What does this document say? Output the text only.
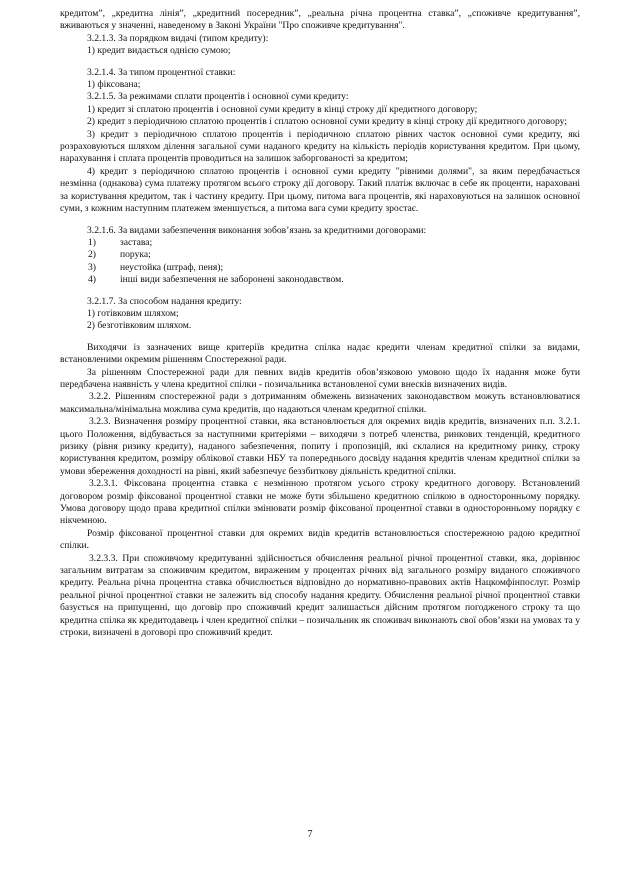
кредитом”, „кредитна лінія”, „кредитний посередник”, „реальна річна процентна ставка”, „споживче кредитування”, вживаються у значенні, наведеному в Законі України "Про споживче кредитування".

3.2.1.3. За порядком видачі (типом кредиту):

1) кредит видається однією сумою;

3.2.1.4. За типом процентної ставки:

1) фіксована;

3.2.1.5. За режимами сплати процентів і основної суми кредиту:

1) кредит зі сплатою процентів і основної суми кредиту в кінці строку дії кредитного договору;

2) кредит з періодичною сплатою процентів і сплатою основної суми кредиту в кінці строку дії кредитного договору;

3) кредит з періодичною сплатою процентів і періодичною сплатою рівних часток основної суми кредиту, які розраховуються шляхом ділення загальної суми наданого кредиту на кількість періодів користування кредитом. При цьому, нарахування і сплата процентів проводиться на залишок заборгованості за кредитом;

4) кредит з періодичною сплатою процентів і основної суми кредиту "рівними долями", за яким передбачається незмінна (однакова) сума платежу протягом всього строку дії договору. Такий платіж включає в себе як проценти, нараховані за користування кредитом, так і частину кредиту. При цьому, питома вага процентів, які нараховуються на залишок основної суми, з кожним наступним платежем зменшується, а питома вага суми кредиту зростає.

3.2.1.6. За видами забезпечення виконання зобов’язань за кредитними договорами:

1)	застава;
2)	порука;
3)	неустойка (штраф, пеня);
4)	інші види забезпечення не заборонені законодавством.

3.2.1.7. За способом надання кредиту:

1) готівковим шляхом;

2) безготівковим шляхом.

Виходячи із зазначених вище критеріїв кредитна спілка надає кредити членам кредитної спілки за видами, встановленими окремим рішенням Спостережної ради.

За рішенням Спостережної ради для певних видів кредитів обов’язковою умовою щодо їх надання може бути передбачена наявність у члена кредитної спілки - позичальника встановленої суми внесків визначених видів.

3.2.2. Рішенням спостережної ради з дотриманням обмежень визначених законодавством можуть встановлюватися максимальна/мінімальна можлива сума кредитів, що надаються членам кредитної спілки.

3.2.3. Визначення розміру процентної ставки, яка встановлюється для окремих видів кредитів, визначених п.п. 3.2.1. цього Положення, відбувається за наступними критеріями – виходячи з потреб членства, ринкових тенденцій, кредитного ризику (рівня ризику кредиту), наданого забезпечення, попиту і пропозицій, які склалися на кредитному ринку, строку користування кредитом, розміру облікової ставки НБУ та попереднього досвіду надання кредитів членам кредитної спілки за умови збереження доходності на рівні, який забезпечує беззбиткову діяльність кредитної спілки.

3.2.3.1. Фіксована процентна ставка є незмінною протягом усього строку кредитного договору. Встановлений договором розмір фіксованої процентної ставки не може бути збільшено кредитною спілкою в односторонньому порядку. Умова договору щодо права кредитної спілки змінювати розмір фіксованої процентної ставки в односторонньому порядку є нікчемною.

Розмір фіксованої процентної ставки для окремих видів кредитів встановлюється спостережною радою кредитної спілки.

3.2.3.3. При споживчому кредитуванні здійснюється обчислення реальної річної процентної ставки, яка, дорівнює загальним витратам за споживчим кредитом, вираженим у процентах річних від загального розміру виданого споживчого кредиту. Реальна річна процентна ставка обчислюється відповідно до нормативно-правових актів Нацкомфінпослуг. Розмір реальної річної процентної ставки не залежить від способу надання кредиту. Обчислення реальної річної процентної ставки базується на припущенні, що договір про споживчий кредит залишається дійсним протягом погодженого строку та що кредитна спілка як кредитодавець і член кредитної спілки – позичальник як споживач виконають свої обов’язки на умовах та у строки, визначені в договорі про споживчий кредит.

7
